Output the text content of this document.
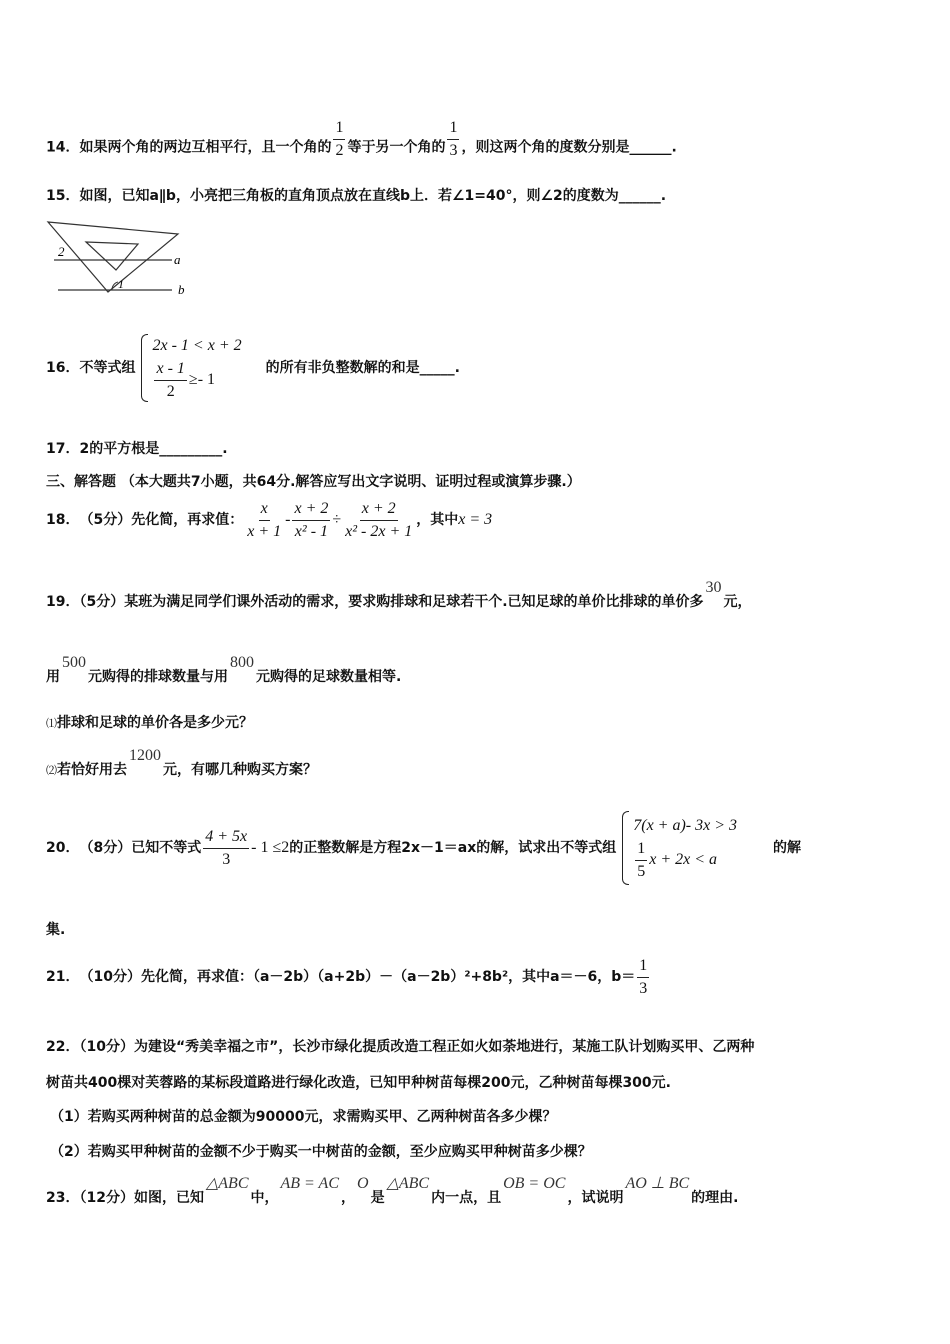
14．如果两个角的两边互相平行，且一个角的 $\frac{1}{2}$ 等于另一个角的 $\frac{1}{3}$ ，则这两个角的度数分别是______.
15．如图，已知a∥b，小亮把三角板的直角顶点放在直线b上．若∠1=40°，则∠2的度数为______.
a
b
2
1
16． 不等式组
2x - 1 < x + 2
$\frac{x - 1}{2} \ge- 1$
的所有非负整数解的和是_____.
17．2的平方根是_________.
三、解答题 （本大题共7小题，共64分.解答应写出文字说明、证明过程或演算步骤.）
18． （5分）先化简，再求值： $\frac{x}{x + 1} - \frac{x + 2}{\text{x² - 1}} \div \frac{x + 2}{\text{x² - 2x + 1}}$ ，其中 x = 3
19．（5分）某班为满足同学们课外活动的需求，要求购排球和足球若干个.已知足球的单价比排球的单价多30元，
用500元购得的排球数量与用800元购得的足球数量相等.
⑴排球和足球的单价各是多少元？
⑵若恰好用去1200元，有哪几种购买方案？
20． （8分）已知不等式 $\frac{4 + 5x}{3} - 1 \le 2$ 的正整数解是方程2x－1＝ax的解，试求出不等式组
7(x + a)- 3x > 3
$\frac{1}{5}$ x + 2x < a
的解
集.
21． （10分）先化简，再求值：（a－2b）（a+2b）－（a－2b）²+8b²，其中a＝－6，$b= \frac{1}{3}$
22．（10分）为建设“秀美幸福之市”，长沙市绿化提质改造工程正如火如荼地进行，某施工队计划购买甲、乙两种
树苗共400棵对芙蓉路的某标段道路进行绿化改造，已知甲种树苗每棵200元，乙种树苗每棵300元.
（1）若购买两种树苗的总金额为90000元，求需购买甲、乙两种树苗各多少棵？
（2）若购买甲种树苗的金额不少于购买一中树苗的金额，至少应购买甲种树苗多少棵？
23．（12分）如图，已知△ABC中，AB = AC，O是△ABC内一点，且OB = OC，试说明AO ⊥ BC的理由.
